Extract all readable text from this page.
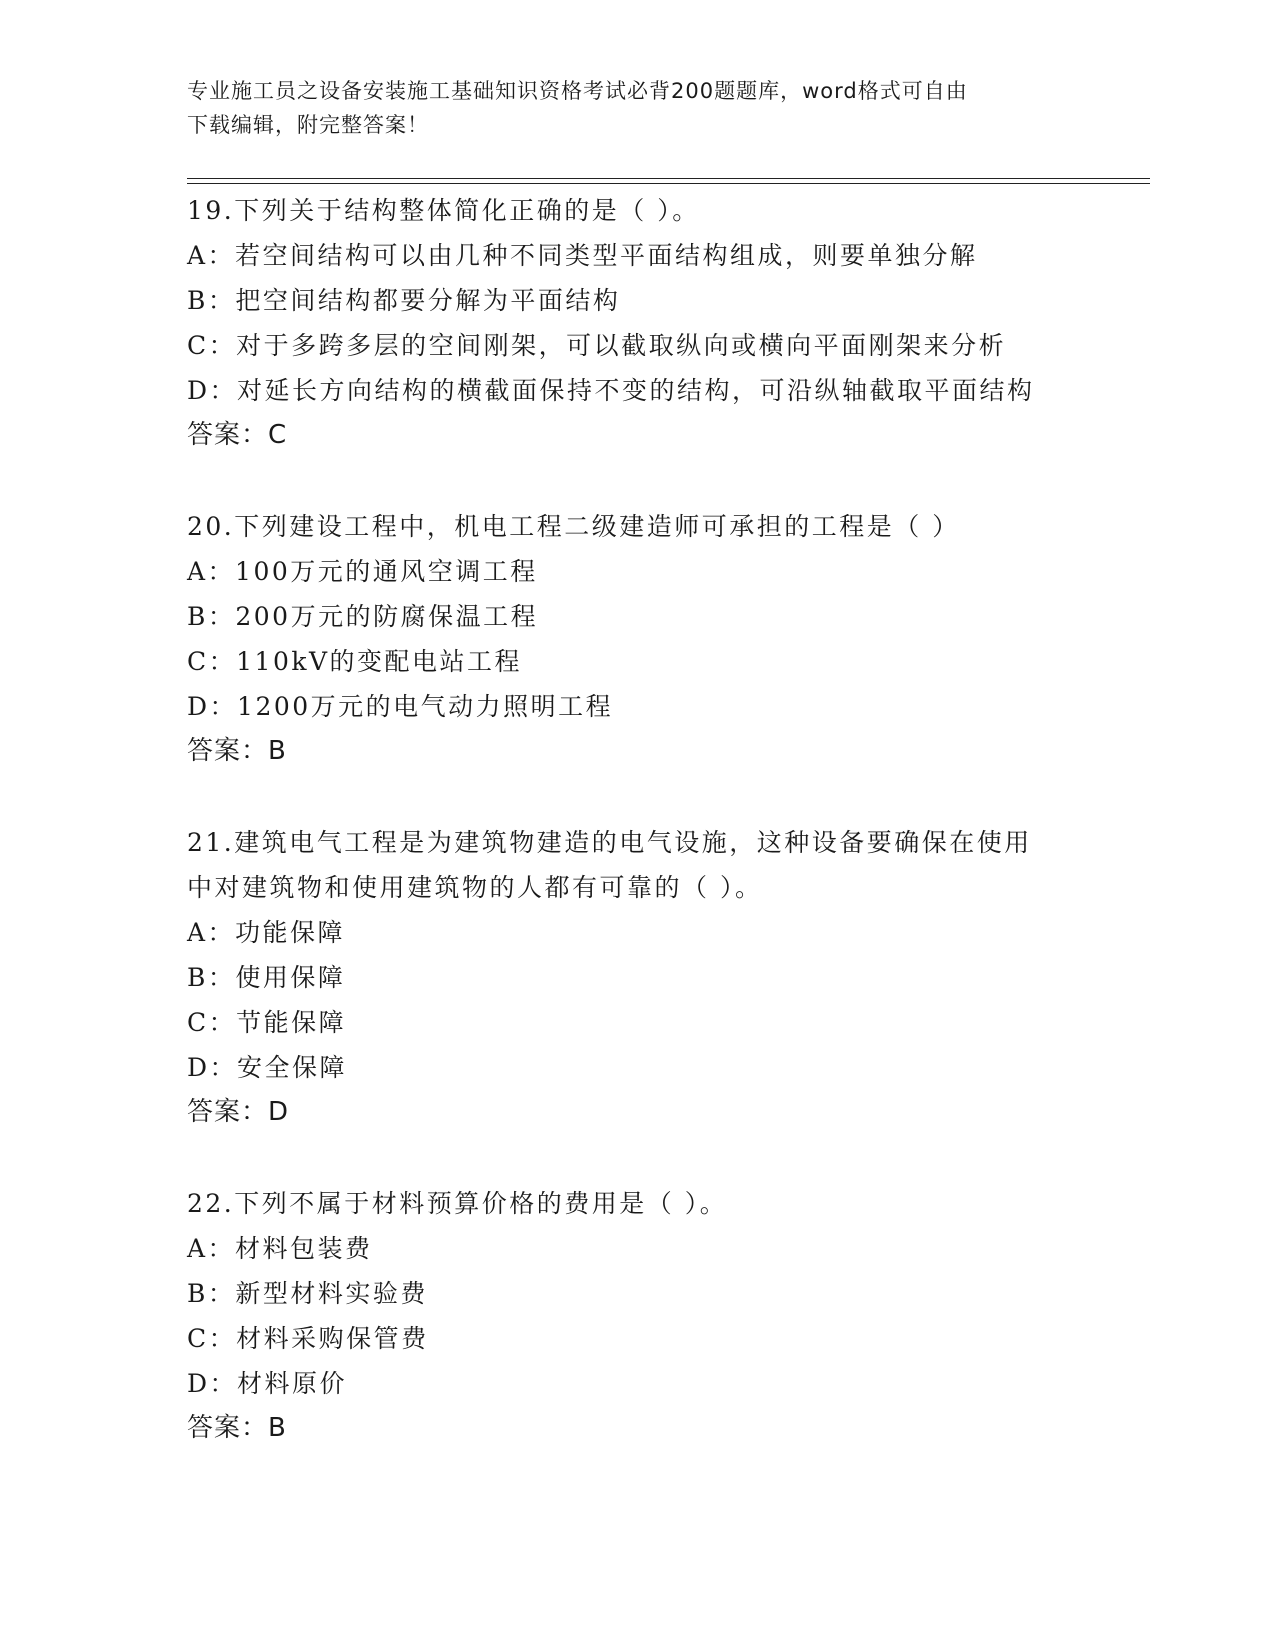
专业施工员之设备安装施工基础知识资格考试必背200题题库，word格式可自由
下载编辑，附完整答案！
19.下列关于结构整体简化正确的是（ ）。
A：若空间结构可以由几种不同类型平面结构组成，则要单独分解
B：把空间结构都要分解为平面结构
C：对于多跨多层的空间刚架，可以截取纵向或横向平面刚架来分析
D：对延长方向结构的横截面保持不变的结构，可沿纵轴截取平面结构
答案：C
20.下列建设工程中，机电工程二级建造师可承担的工程是（ ）
A：100万元的通风空调工程
B：200万元的防腐保温工程
C：110kV的变配电站工程
D：1200万元的电气动力照明工程
答案：B
21.建筑电气工程是为建筑物建造的电气设施，这种设备要确保在使用
中对建筑物和使用建筑物的人都有可靠的（ ）。
A：功能保障
B：使用保障
C：节能保障
D：安全保障
答案：D
22.下列不属于材料预算价格的费用是（ ）。
A：材料包装费
B：新型材料实验费
C：材料采购保管费
D：材料原价
答案：B
